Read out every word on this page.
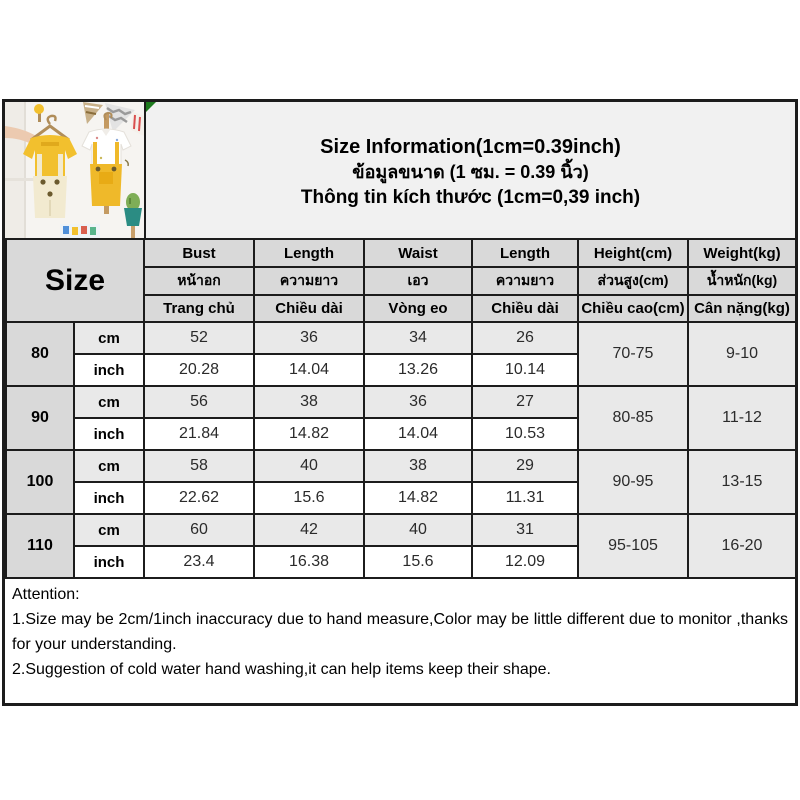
Size Information(1cm=0.39inch)
ข้อมูลขนาด (1 ซม. = 0.39 นิ้ว)
Thông tin kích thước (1cm=0,39 inch)
Size		Bust	Length	Waist	Length	Height(cm)	Weight(kg)
		หน้าอก	ความยาว	เอว	ความยาว	ส่วนสูง(cm)	น้ำหนัก(kg)
		Trang chủ	Chiều dài	Vòng eo	Chiều dài	Chiều cao(cm)	Cân nặng(kg)
80	cm	52	36	34	26	70-75	9-10
	inch	20.28	14.04	13.26	10.14		
90	cm	56	38	36	27	80-85	11-12
	inch	21.84	14.82	14.04	10.53		
100	cm	58	40	38	29	90-95	13-15
	inch	22.62	15.6	14.82	11.31		
110	cm	60	42	40	31	95-105	16-20
	inch	23.4	16.38	15.6	12.09		
Attention:
1.Size may be 2cm/1inch inaccuracy due to hand measure,Color may be little different due to monitor ,thanks for your understanding.
2.Suggestion of cold water hand washing,it can help items keep their shape.
